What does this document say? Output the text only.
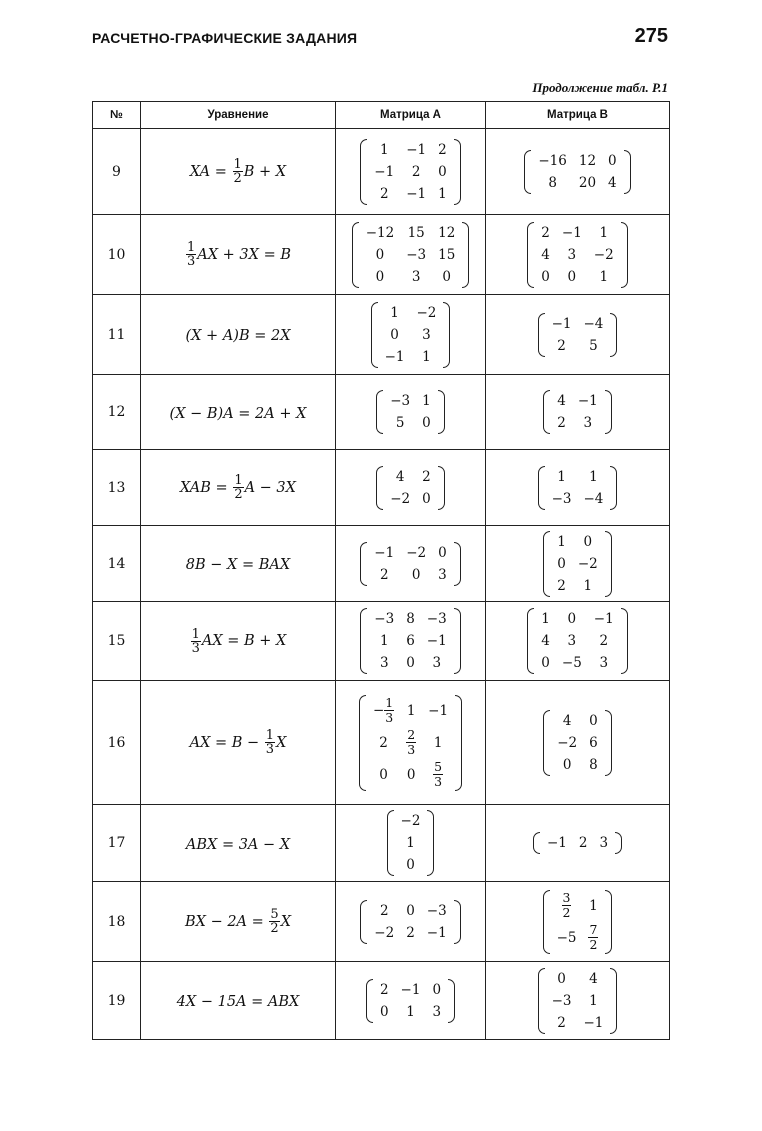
РАСЧЕТНО-ГРАФИЧЕСКИЕ ЗАДАНИЯ	275
Продолжение табл. P.1
№	Уравнение	Матрица A	Матрица B
9	XA = $\frac{1}{2}$ B + X	
1	−1	2
−1	2	0
2	−1	1

−16	12	0
8	20	4

10	$\frac{1}{3}$ AX + 3X = B	
−12	15	12
0	−3	15
0	3	0

2	−1	1
4	3	−2
0	0	1

11	(X + A)B = 2X	
1	−2
0	3
−1	1

−1	−4
2	5

12	(X − B)A = 2A + X	
−3	1
5	0

4	−1
2	3

13	XAB = $\frac{1}{2}$ A − 3X	
4	2
−2	0

1	1
−3	−4

14	8B − X = BAX	
−1	−2	0
2	0	3

1	0
0	−2
2	1

15	$\frac{1}{3}$ AX = B + X	
−3	8	−3
1	6	−1
3	0	3

1	0	−1
4	3	2
0	−5	3

16	AX = $B - \frac{1}{3}$ X	
− $\frac{1}{3}$	1	−1
2	$\frac{2}{3}$	1
0	0	$\frac{5}{3}$

4	0
−2	6
0	8

17	ABX = 3A − X	
−2
1
0

−1	2	3

18	BX − $2A = \frac{5}{2}$ X	
2	0	−3
−2	2	−1

$\frac{3}{2}$	1
−5	$\frac{7}{2}$

19	4X − 15A = ABX	
2	−1	0
0	1	3

0	4
−3	1
2	−1
